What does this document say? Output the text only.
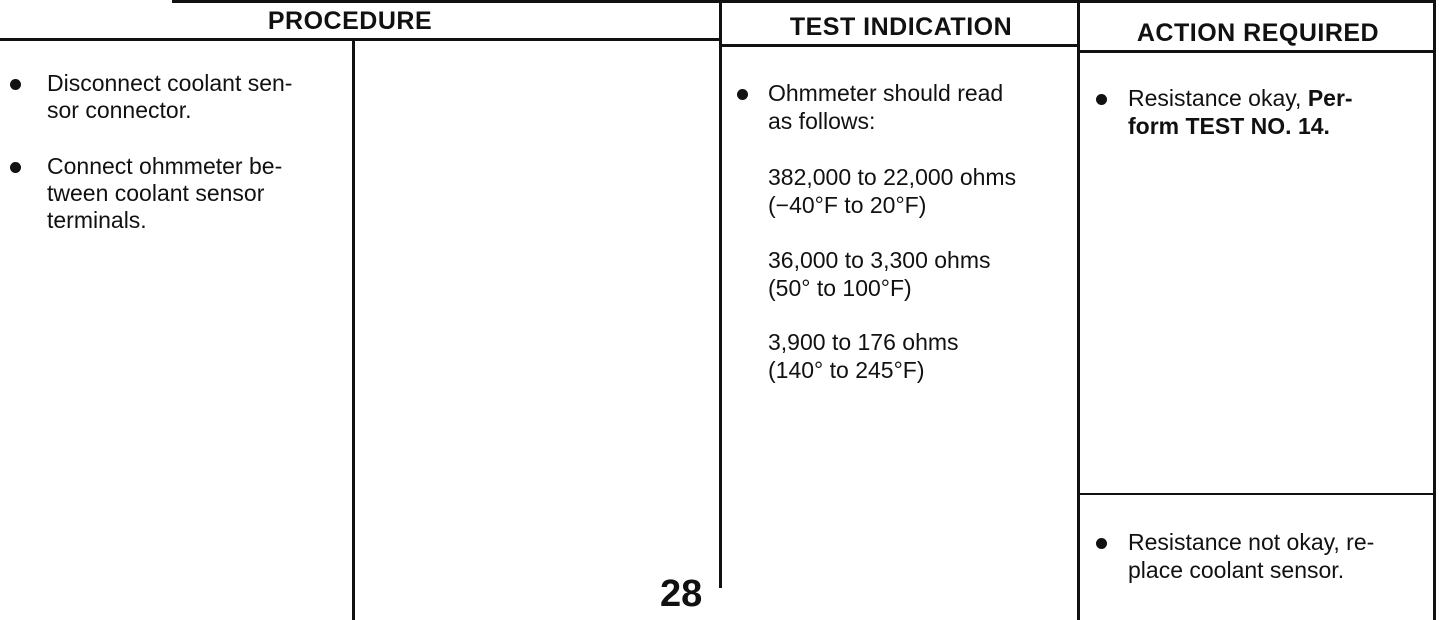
PROCEDURE	TEST INDICATION	ACTION REQUIRED
Disconnect coolant sen-
sor connector.
Connect ohmmeter be-
tween coolant sensor
terminals.
Ohmmeter should read
as follows:
382,000 to 22,000 ohms
(−40°F to 20°F)
36,000 to 3,300 ohms
(50° to 100°F)
3,900 to 176 ohms
(140° to 245°F)
Resistance okay, Per-
form TEST NO. 14.
Resistance not okay, re-
place coolant sensor.
28
